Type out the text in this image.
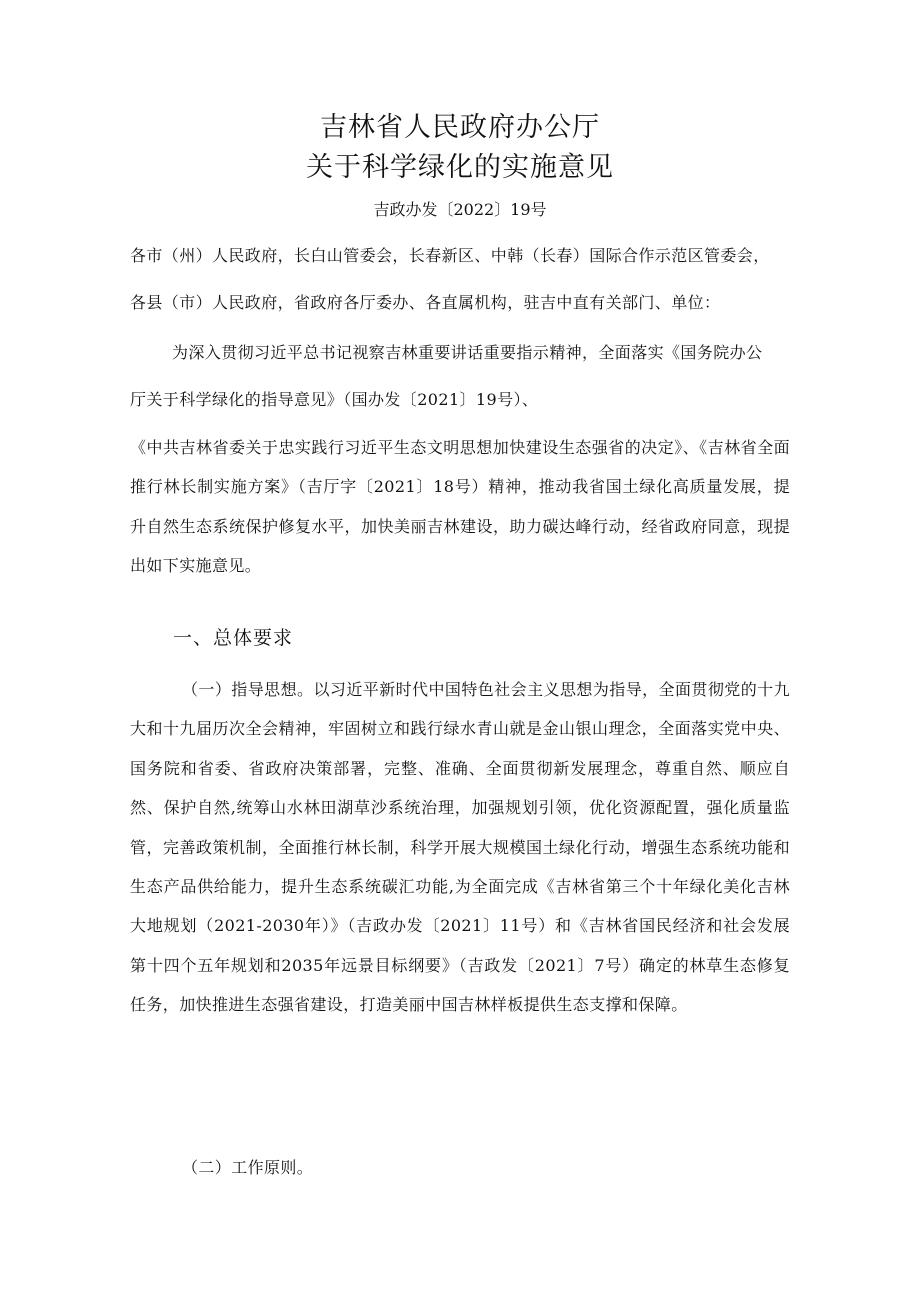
吉林省人民政府办公厅
关于科学绿化的实施意见
吉政办发〔2022〕19号
各市（州）人民政府，长白山管委会，长春新区、中韩（长春）国际合作示范区管委会，
各县（市）人民政府，省政府各厅委办、各直属机构，驻吉中直有关部门、单位：
为深入贯彻习近平总书记视察吉林重要讲话重要指示精神，全面落实《国务院办公
厅关于科学绿化的指导意见》（国办发〔2021〕19号）、
《中共吉林省委关于忠实践行习近平生态文明思想加快建设生态强省的决定》、《吉林省全面推行林长制实施方案》（吉厅字〔2021〕18号）精神，推动我省国土绿化高质量发展，提升自然生态系统保护修复水平，加快美丽吉林建设，助力碳达峰行动，经省政府同意，现提出如下实施意见。
一、总体要求
（一）指导思想。以习近平新时代中国特色社会主义思想为指导，全面贯彻党的十九大和十九届历次全会精神，牢固树立和践行绿水青山就是金山银山理念，全面落实党中央、国务院和省委、省政府决策部署，完整、准确、全面贯彻新发展理念，尊重自然、顺应自然、保护自然,统筹山水林田湖草沙系统治理，加强规划引领，优化资源配置，强化质量监管，完善政策机制，全面推行林长制，科学开展大规模国土绿化行动，增强生态系统功能和生态产品供给能力，提升生态系统碳汇功能,为全面完成《吉林省第三个十年绿化美化吉林大地规划（2021-2030年）》（吉政办发〔2021〕11号）和《吉林省国民经济和社会发展第十四个五年规划和2035年远景目标纲要》（吉政发〔2021〕7号）确定的林草生态修复任务，加快推进生态强省建设，打造美丽中国吉林样板提供生态支撑和保障。
（二）工作原则。
